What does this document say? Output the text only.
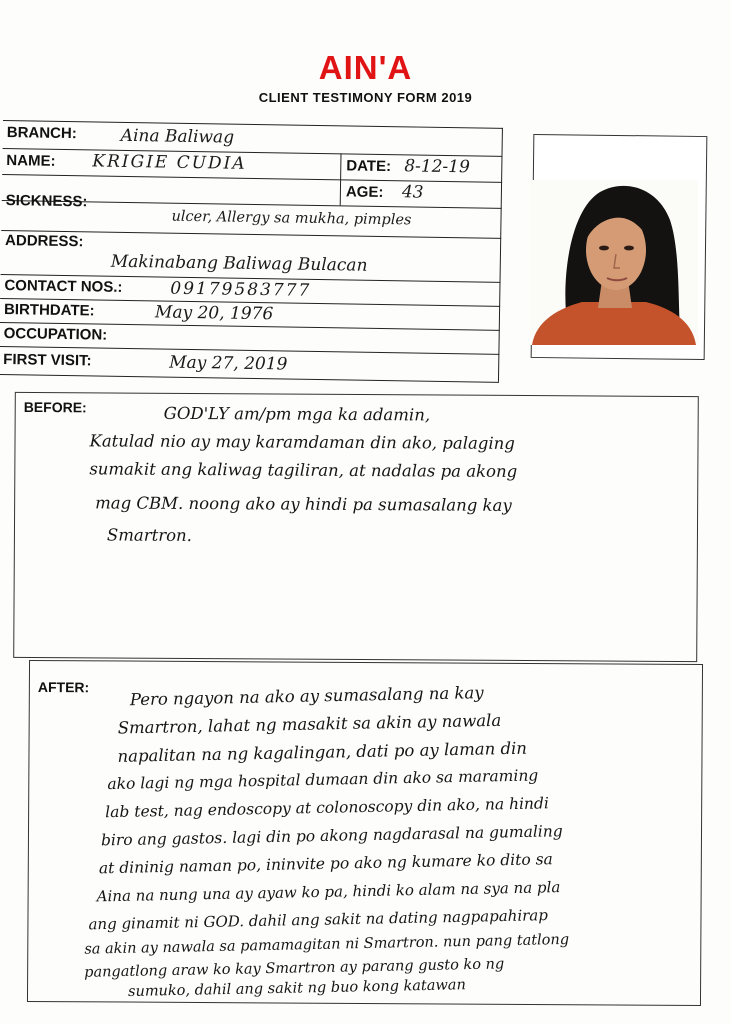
AIN'A
CLIENT TESTIMONY FORM 2019
BRANCH:	Aina Baliwag
NAME: KRIGIE CUDIA	DATE: 8-12-19
AGE: 43
SICKNESS:
ulcer, Allergy sa mukha, pimples
ADDRESS:
Makinabang Baliwag Bulacan
CONTACT NOS.:	09179583777
BIRTHDATE:	May 20, 1976
OCCUPATION:
FIRST VISIT:	May 27, 2019
BEFORE:	GOD'LY am/pm mga ka adamin,
Katulad nio ay may karamdaman din ako, palaging
sumakit ang kaliwag tagiliran, at nadalas pa akong
mag CBM. noong ako ay hindi pa sumasalang kay
Smartron.
AFTER: Pero ngayon na ako ay sumasalang na kay
Smartron, lahat ng masakit sa akin ay nawala
napalitan na ng kagalingan, dati po ay laman din
ako lagi ng mga hospital dumaan din ako sa maraming
lab test, nag endoscopy at colonoscopy din ako, na hindi
biro ang gastos. lagi din po akong nagdarasal na gumaling
at dininig naman po, ininvite po ako ng kumare ko dito sa
Aina na nung una ay ayaw ko pa, hindi ko alam na sya na pla
ang ginamit ni GOD. dahil ang sakit na dating nagpapahirap
sa akin ay nawala sa pamamagitan ni Smartron. nun pang tatlong
pangatlong araw ko kay Smartron ay parang gusto ko ng
sumuko, dahil ang sakit ng buo kong katawan
